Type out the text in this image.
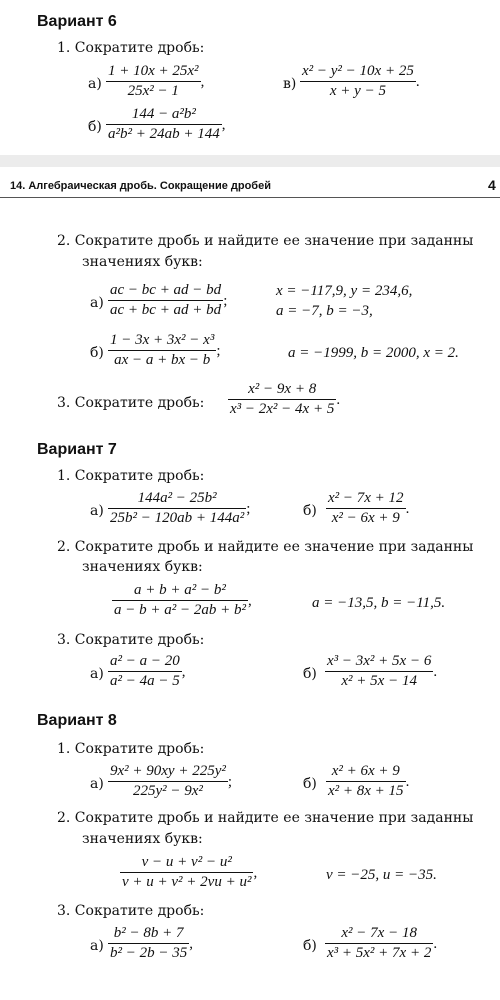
Вариант 6
1. Сократите дробь:
$а) \frac{\text{1 + 10x + 25x²}}{\text{25x² − 1}}$ ,	$в) \frac{\text{x² − y² − 10x + 25}}{x + y - 5}$ .
$б) \frac{\text{144 − a²b²}}{\text{a²b² + 24ab + 144}}$ ,
14. Алгебраическая дробь. Сокращение дробей	4
2. Сократите дробь и найдите ее значение при заданны
значениях букв:
$а) \frac{ac - bc + ad - bd}{ac + bc + ad + bd}$ ;
x = −117,9, y = 234,6,
a = −7, b = −3,
$б) \frac{\text{1 − 3x + 3x² − x³}}{ax - a + bx - b}$ ;	a = −1999, b = 2000, x = 2.
3. Сократите дробь: $\frac{\text{x² − 9x + 8}}{\text{x³ − 2x² − 4x + 5}}$ .
Вариант 7
1. Сократите дробь:
$а) \frac{\text{144a² − 25b²}}{\text{25b² − 120ab + 144a²}}$ ;	$б) \frac{\text{x² − 7x + 12}}{\text{x² − 6x + 9}}$ .
2. Сократите дробь и найдите ее значение при заданны
значениях букв:
$\frac{\text{a + b + a² − b²}}{\text{a − b + a² − 2ab + b²}}$ ,	a = −13,5, b = −11,5.
3. Сократите дробь:
$а) \frac{\text{a² − a − 20}}{\text{a² − 4a − 5}}$ ,	$б) \frac{\text{x³ − 3x² + 5x − 6}}{\text{x² + 5x − 14}}$ .
Вариант 8
1. Сократите дробь:
$а) \frac{\text{9x² + 90xy + 225y²}}{\text{225y² − 9x²}}$ ;	$б) \frac{\text{x² + 6x + 9}}{\text{x² + 8x + 15}}$ .
2. Сократите дробь и найдите ее значение при заданны
значениях букв:
$\frac{\text{v − u + v² − u²}}{\text{v + u + v² + 2vu + u²}}$ ,	v = −25, u = −35.
3. Сократите дробь:
$а) \frac{\text{b² − 8b + 7}}{\text{b² − 2b − 35}}$ ,	$б) \frac{\text{x² − 7x − 18}}{\text{x³ + 5x² + 7x + 2}}$ .
